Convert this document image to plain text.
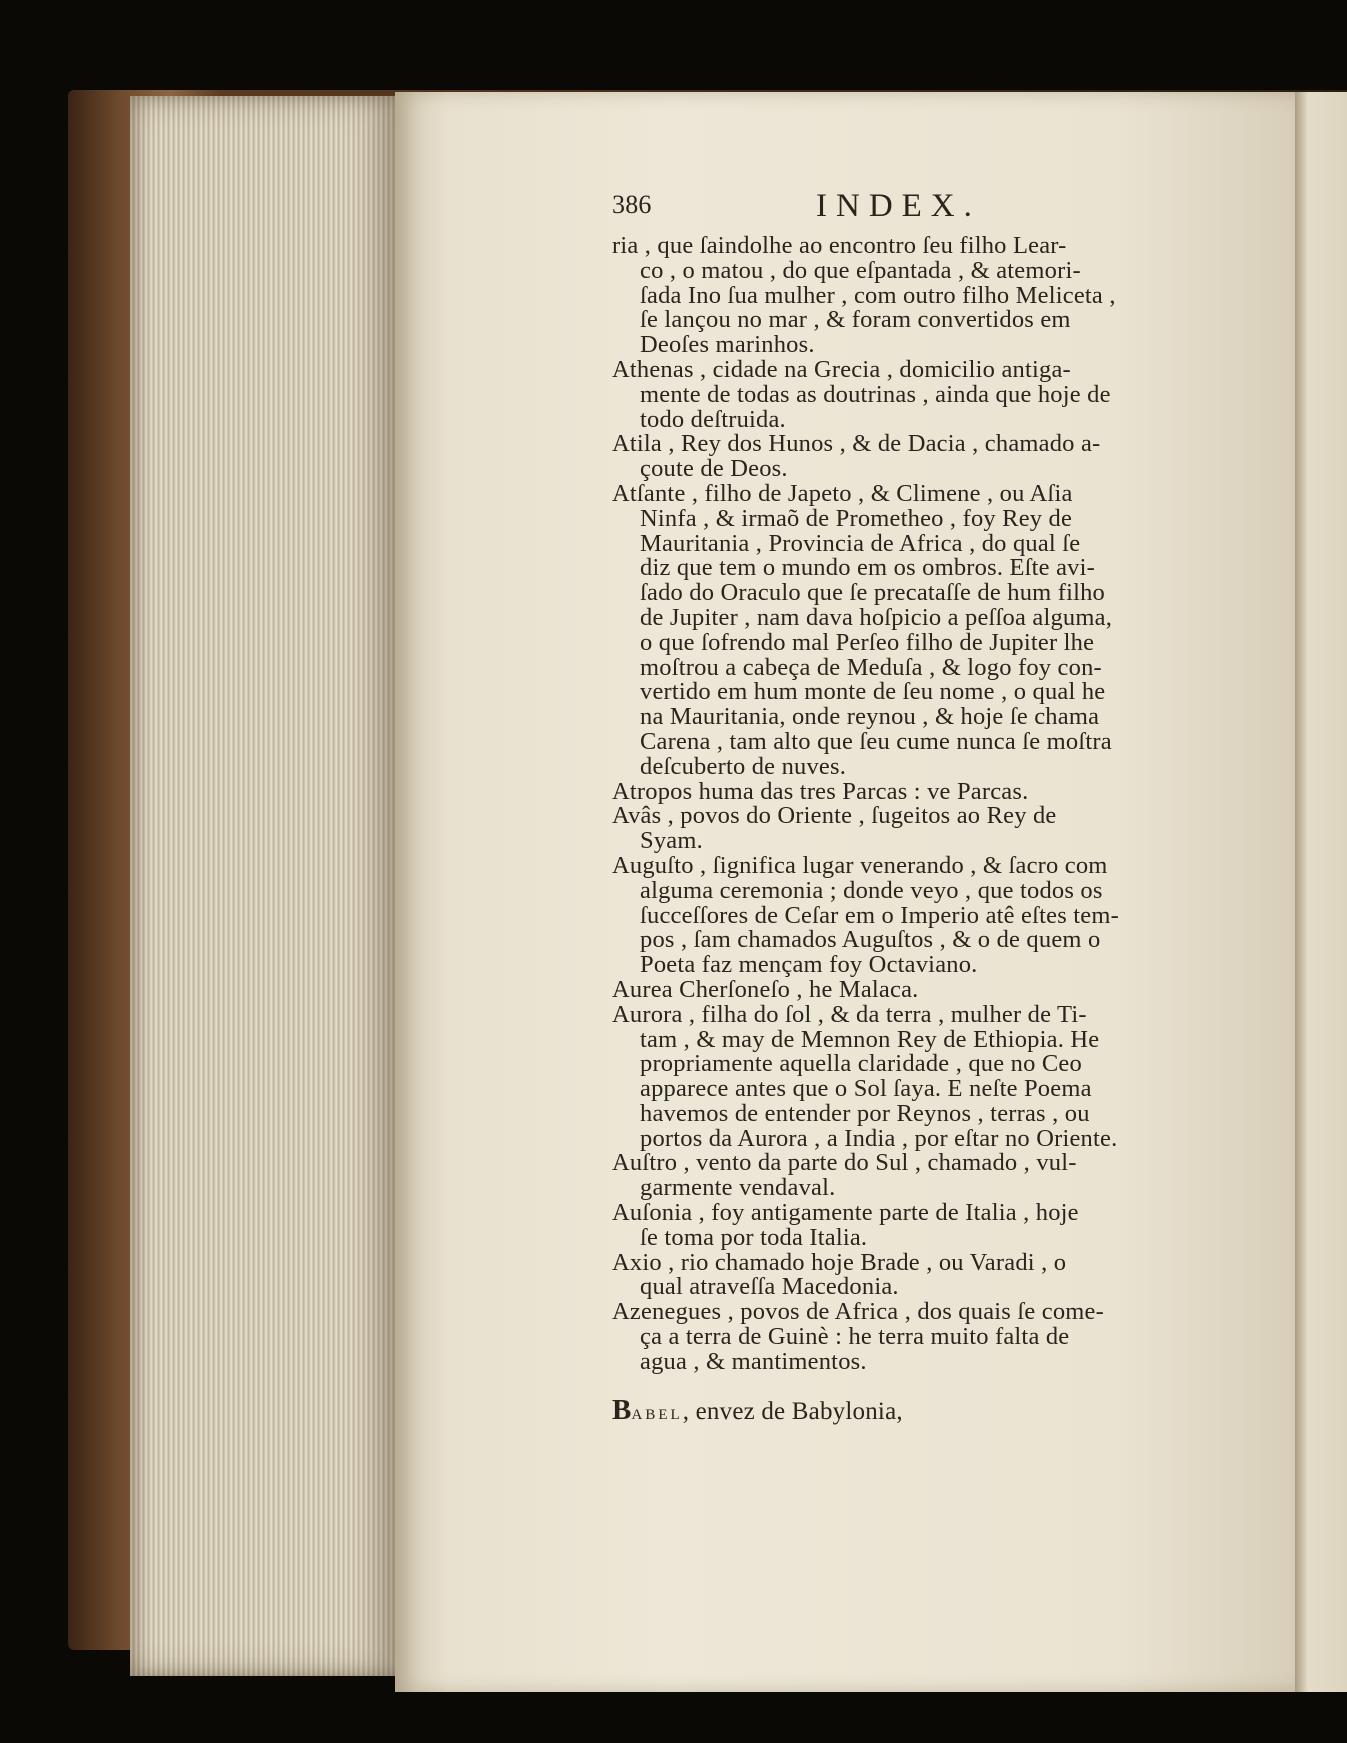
386	INDEX.

ria , que ſaindolhe ao encontro ſeu filho Lear-
co , o matou , do que eſpantada , & atemori-
ſada Ino ſua mulher , com outro filho Meliceta ,
ſe lançou no mar , & foram convertidos em
Deoſes marinhos.

Athenas , cidade na Grecia , domicilio antiga-
mente de todas as doutrinas , ainda que hoje de
todo deſtruida.

Atila , Rey dos Hunos , & de Dacia , chamado a-
çoute de Deos.

Atſante , filho de Japeto , & Climene , ou Aſia
Ninfa , & irmaõ de Prometheo , foy Rey de
Mauritania , Provincia de Africa , do qual ſe
diz que tem o mundo em os ombros. Eſte avi-
ſado do Oraculo que ſe precataſſe de hum filho
de Jupiter , nam dava hoſpicio a peſſoa alguma,
o que ſofrendo mal Perſeo filho de Jupiter lhe
moſtrou a cabeça de Meduſa , & logo foy con-
vertido em hum monte de ſeu nome , o qual he
na Mauritania, onde reynou , & hoje ſe chama
Carena , tam alto que ſeu cume nunca ſe moſtra
deſcuberto de nuves.

Atropos huma das tres Parcas : ve Parcas.

Avâs , povos do Oriente , ſugeitos ao Rey de
Syam.

Auguſto , ſignifica lugar venerando , & ſacro com
alguma ceremonia ; donde veyo , que todos os
ſucceſſores de Ceſar em o Imperio atê eſtes tem-
pos , ſam chamados Auguſtos , & o de quem o
Poeta faz mençam foy Octaviano.

Aurea Cherſoneſo , he Malaca.

Aurora , filha do ſol , & da terra , mulher de Ti-
tam , & may de Memnon Rey de Ethiopia. He
propriamente aquella claridade , que no Ceo
apparece antes que o Sol ſaya. E neſte Poema
havemos de entender por Reynos , terras , ou
portos da Aurora , a India , por eſtar no Oriente.

Auſtro , vento da parte do Sul , chamado , vul-
garmente vendaval.

Auſonia , foy antigamente parte de Italia , hoje
ſe toma por toda Italia.

Axio , rio chamado hoje Brade , ou Varadi , o
qual atraveſſa Macedonia.

Azenegues , povos de Africa , dos quais ſe come-
ça a terra de Guinè : he terra muito falta de
agua , & mantimentos.

Babel, envez de Babylonia,
